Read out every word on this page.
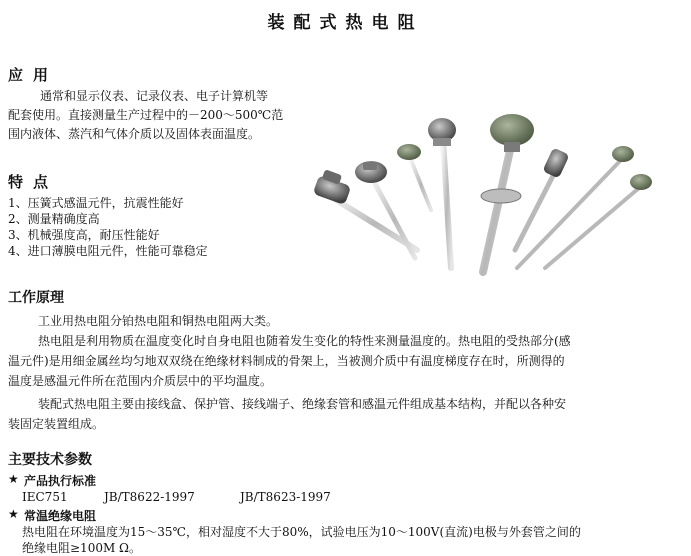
装配式热电阻
应用
通常和显示仪表、记录仪表、电子计算机等
配套使用。直接测量生产过程中的－200～500℃范
围内液体、蒸汽和气体介质以及固体表面温度。
特点
1、压簧式感温元件，抗震性能好
2、测量精确度高
3、机械强度高，耐压性能好
4、进口薄膜电阻元件，性能可靠稳定
工作原理
工业用热电阻分铂热电阻和铜热电阻两大类。
热电阻是利用物质在温度变化时自身电阻也随着发生变化的特性来测量温度的。热电阻的受热部分(感
温元件)是用细金属丝均匀地双双绕在绝缘材料制成的骨架上，当被测介质中有温度梯度存在时，所测得的
温度是感温元件所在范围内介质层中的平均温度。
装配式热电阻主要由接线盒、保护管、接线端子、绝缘套管和感温元件组成基本结构，并配以各种安
装固定装置组成。
主要技术参数
★ 产品执行标准
IEC751	JB/T8622-1997	JB/T8623-1997
★ 常温绝缘电阻
热电阻在环境温度为15～35℃，相对湿度不大于80%，试验电压为10～100V(直流)电极与外套管之间的
绝缘电阻≥100M Ω。
